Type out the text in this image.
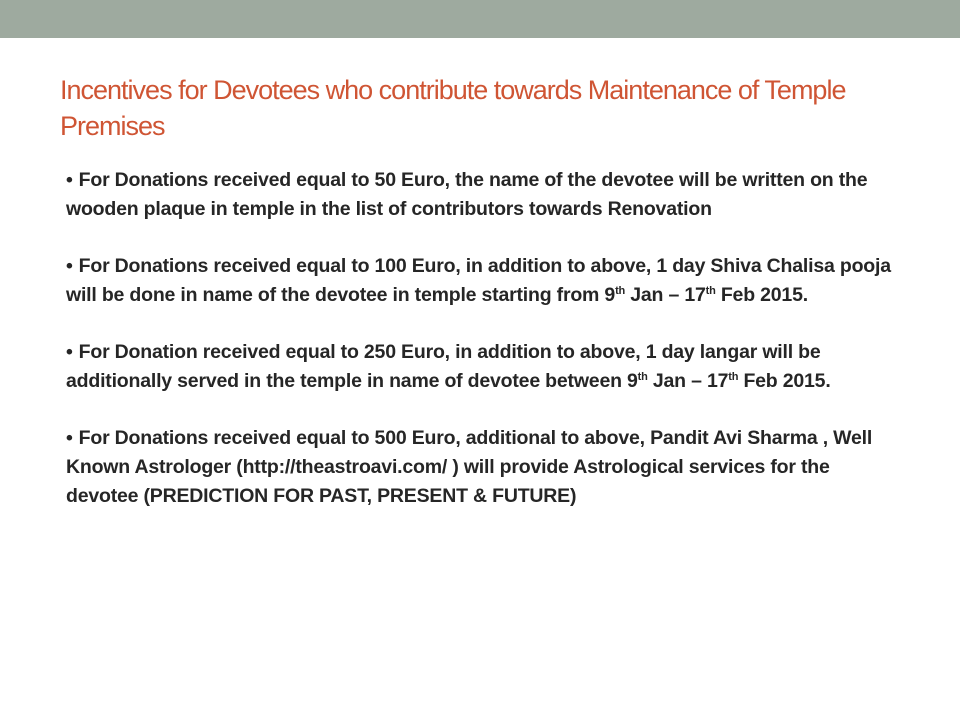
Incentives for Devotees who contribute towards Maintenance of Temple Premises

• For Donations received equal to 50 Euro, the name of the devotee will be written on the wooden plaque in temple in the list of contributors towards Renovation

• For Donations received equal to 100 Euro, in addition to above, 1 day Shiva Chalisa pooja will be done in name of the devotee in temple starting from 9th Jan – 17th Feb 2015.

• For Donation received equal to 250 Euro, in addition to above, 1 day langar will be additionally served in the temple in name of devotee between 9th Jan – 17th Feb 2015.

• For Donations received equal to 500 Euro, additional to above, Pandit Avi Sharma , Well Known Astrologer (http://theastroavi.com/ ) will provide Astrological services for the devotee (PREDICTION FOR PAST, PRESENT & FUTURE)
